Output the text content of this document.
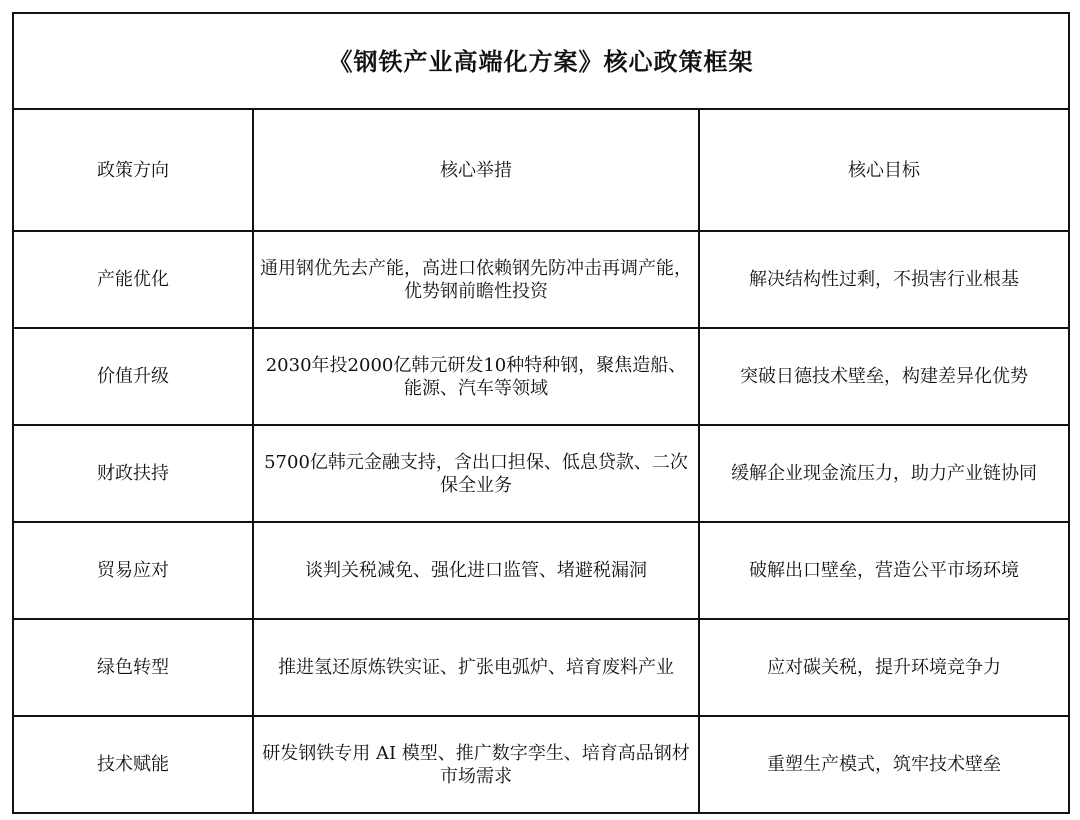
《钢铁产业高端化方案》核心政策框架		
政策方向	核心举措	核心目标
产能优化	通用钢优先去产能，高进口依赖钢先防冲击再调产能，优势钢前瞻性投资	解决结构性过剩，不损害行业根基
价值升级	2030年投2000亿韩元研发10种特种钢，聚焦造船、能源、汽车等领域	突破日德技术壁垒，构建差异化优势
财政扶持	5700亿韩元金融支持，含出口担保、低息贷款、二次保全业务	缓解企业现金流压力，助力产业链协同
贸易应对	谈判关税减免、强化进口监管、堵避税漏洞	破解出口壁垒，营造公平市场环境
绿色转型	推进氢还原炼铁实证、扩张电弧炉、培育废料产业	应对碳关税，提升环境竞争力
技术赋能	研发钢铁专用 AI 模型、推广数字孪生、培育高品钢材市场需求	重塑生产模式，筑牢技术壁垒
